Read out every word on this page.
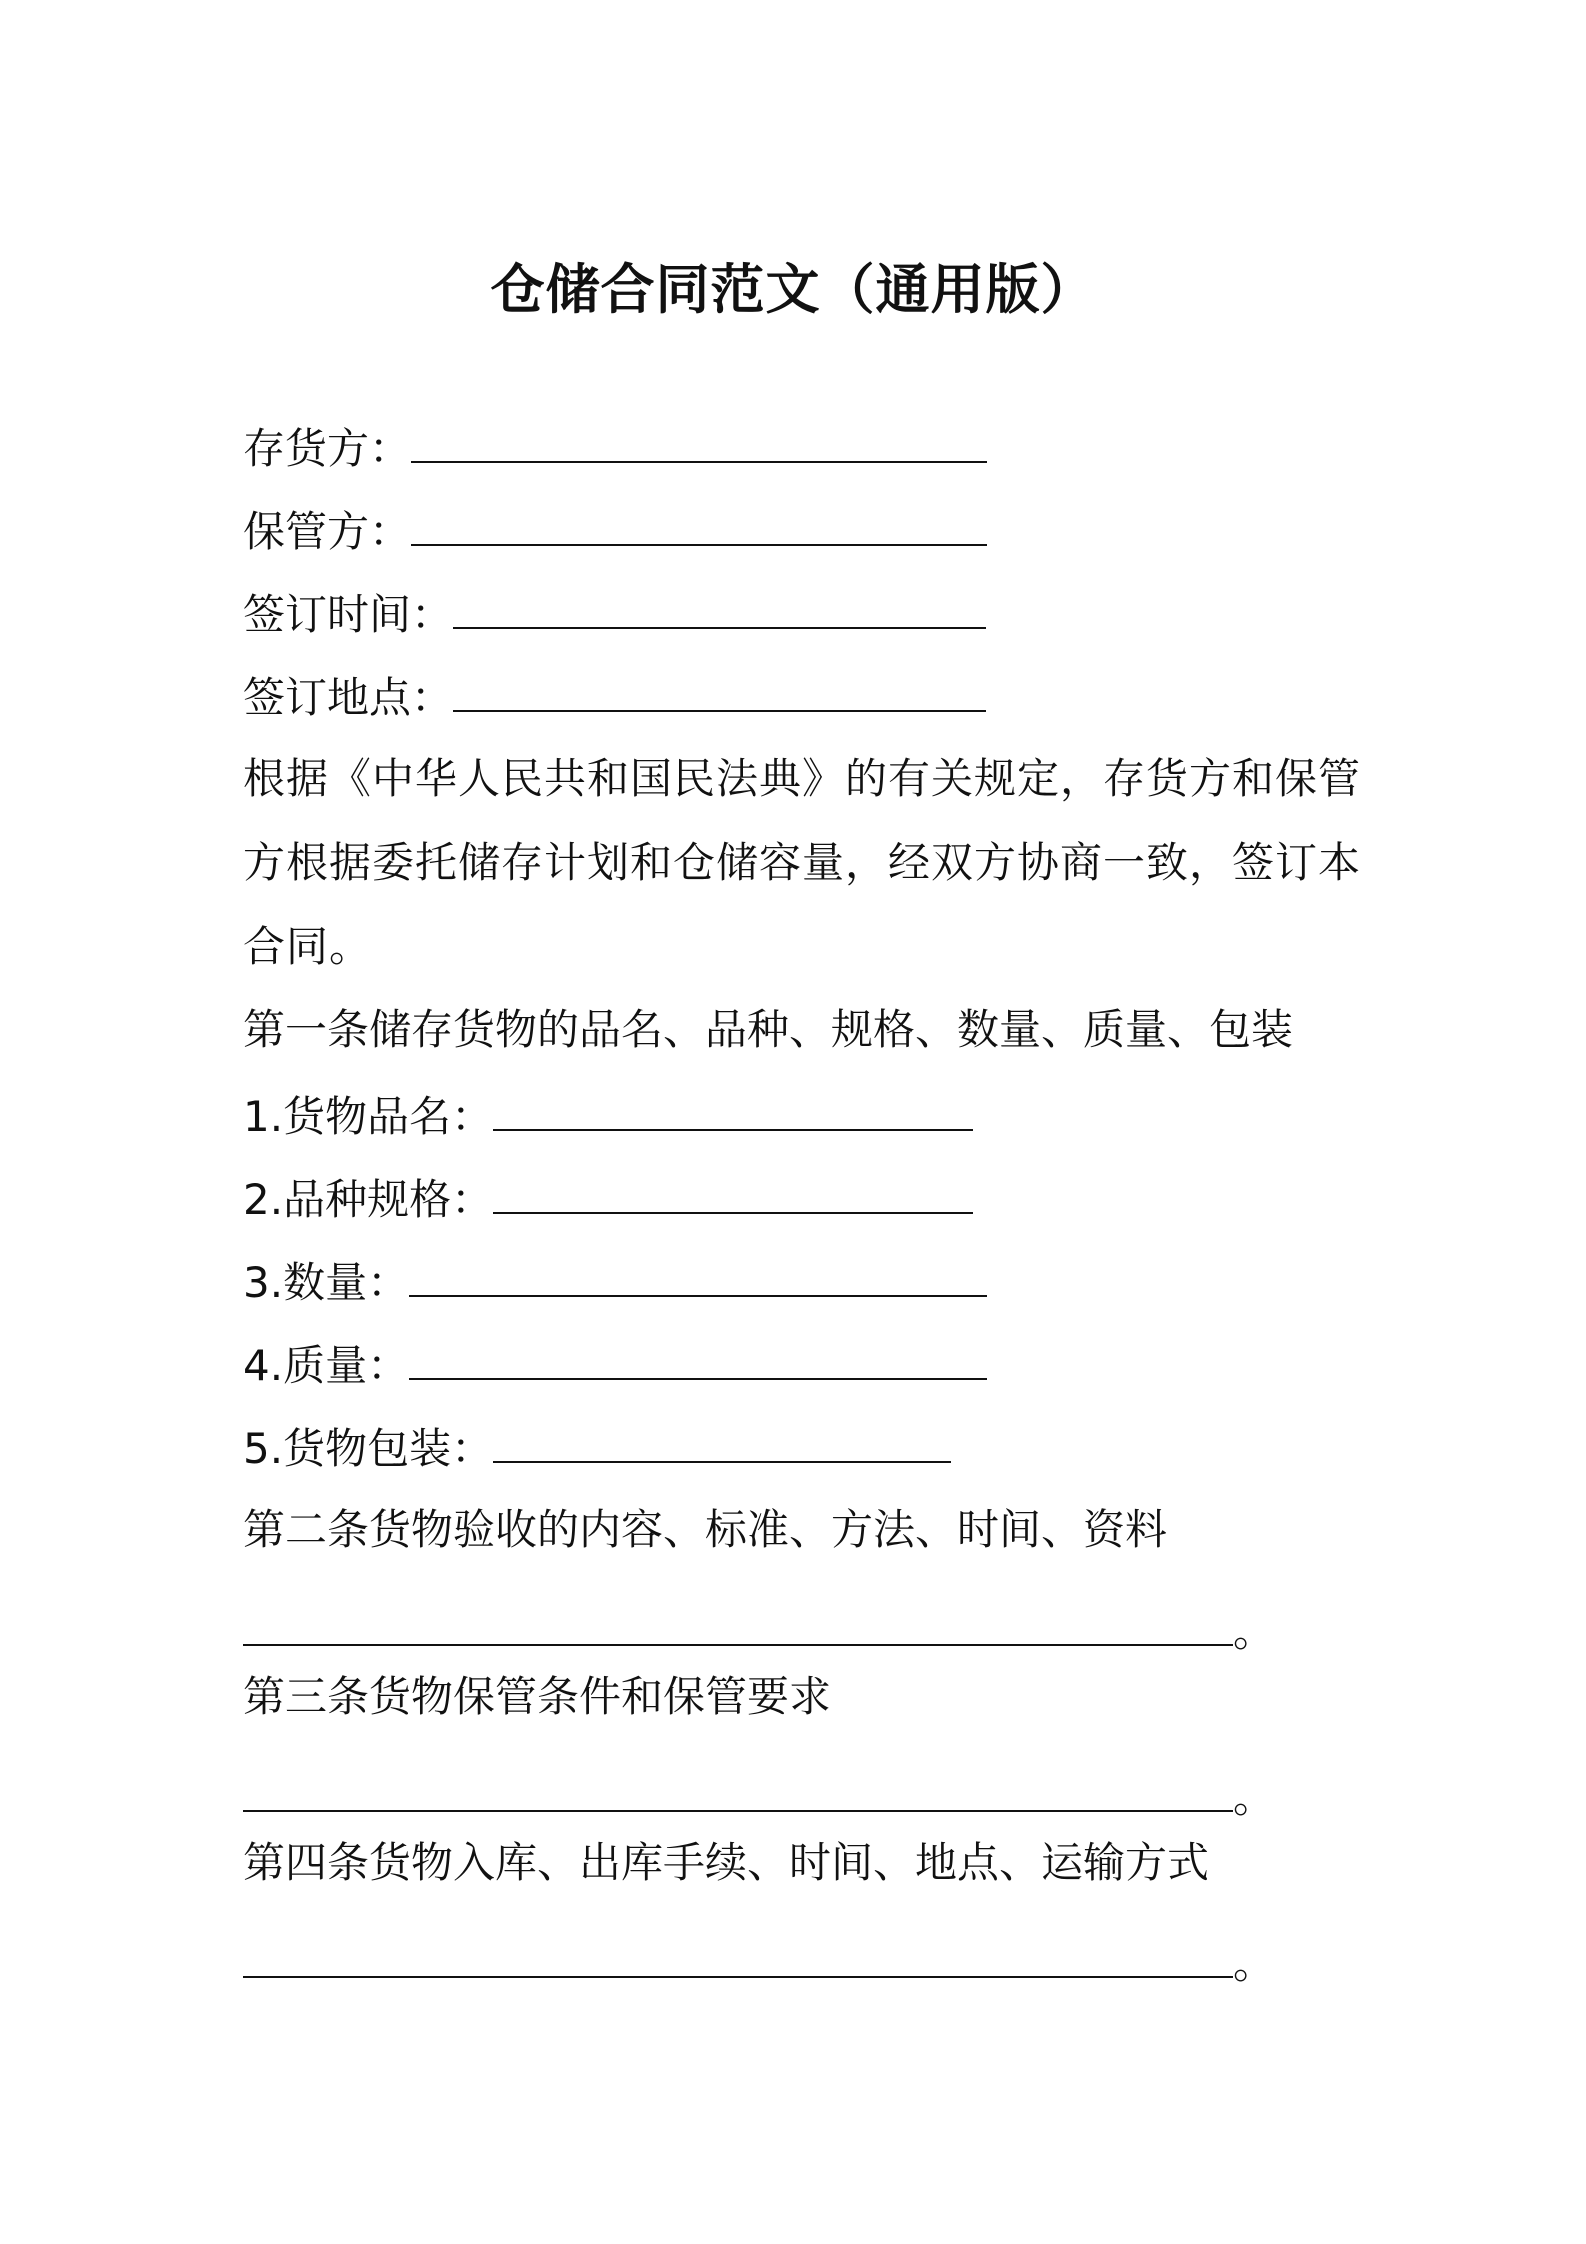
仓储合同范文（通用版）
存货方：
保管方：
签订时间：
签订地点：
根据《中华人民共和国民法典》的有关规定，存货方和保管方根据委托储存计划和仓储容量，经双方协商一致，签订本合同。
第一条储存货物的品名、品种、规格、数量、质量、包装
1.货物品名：
2.品种规格：
3.数量：
4.质量：
5.货物包装：
第二条货物验收的内容、标准、方法、时间、资料
。
第三条货物保管条件和保管要求
。
第四条货物入库、出库手续、时间、地点、运输方式
。
